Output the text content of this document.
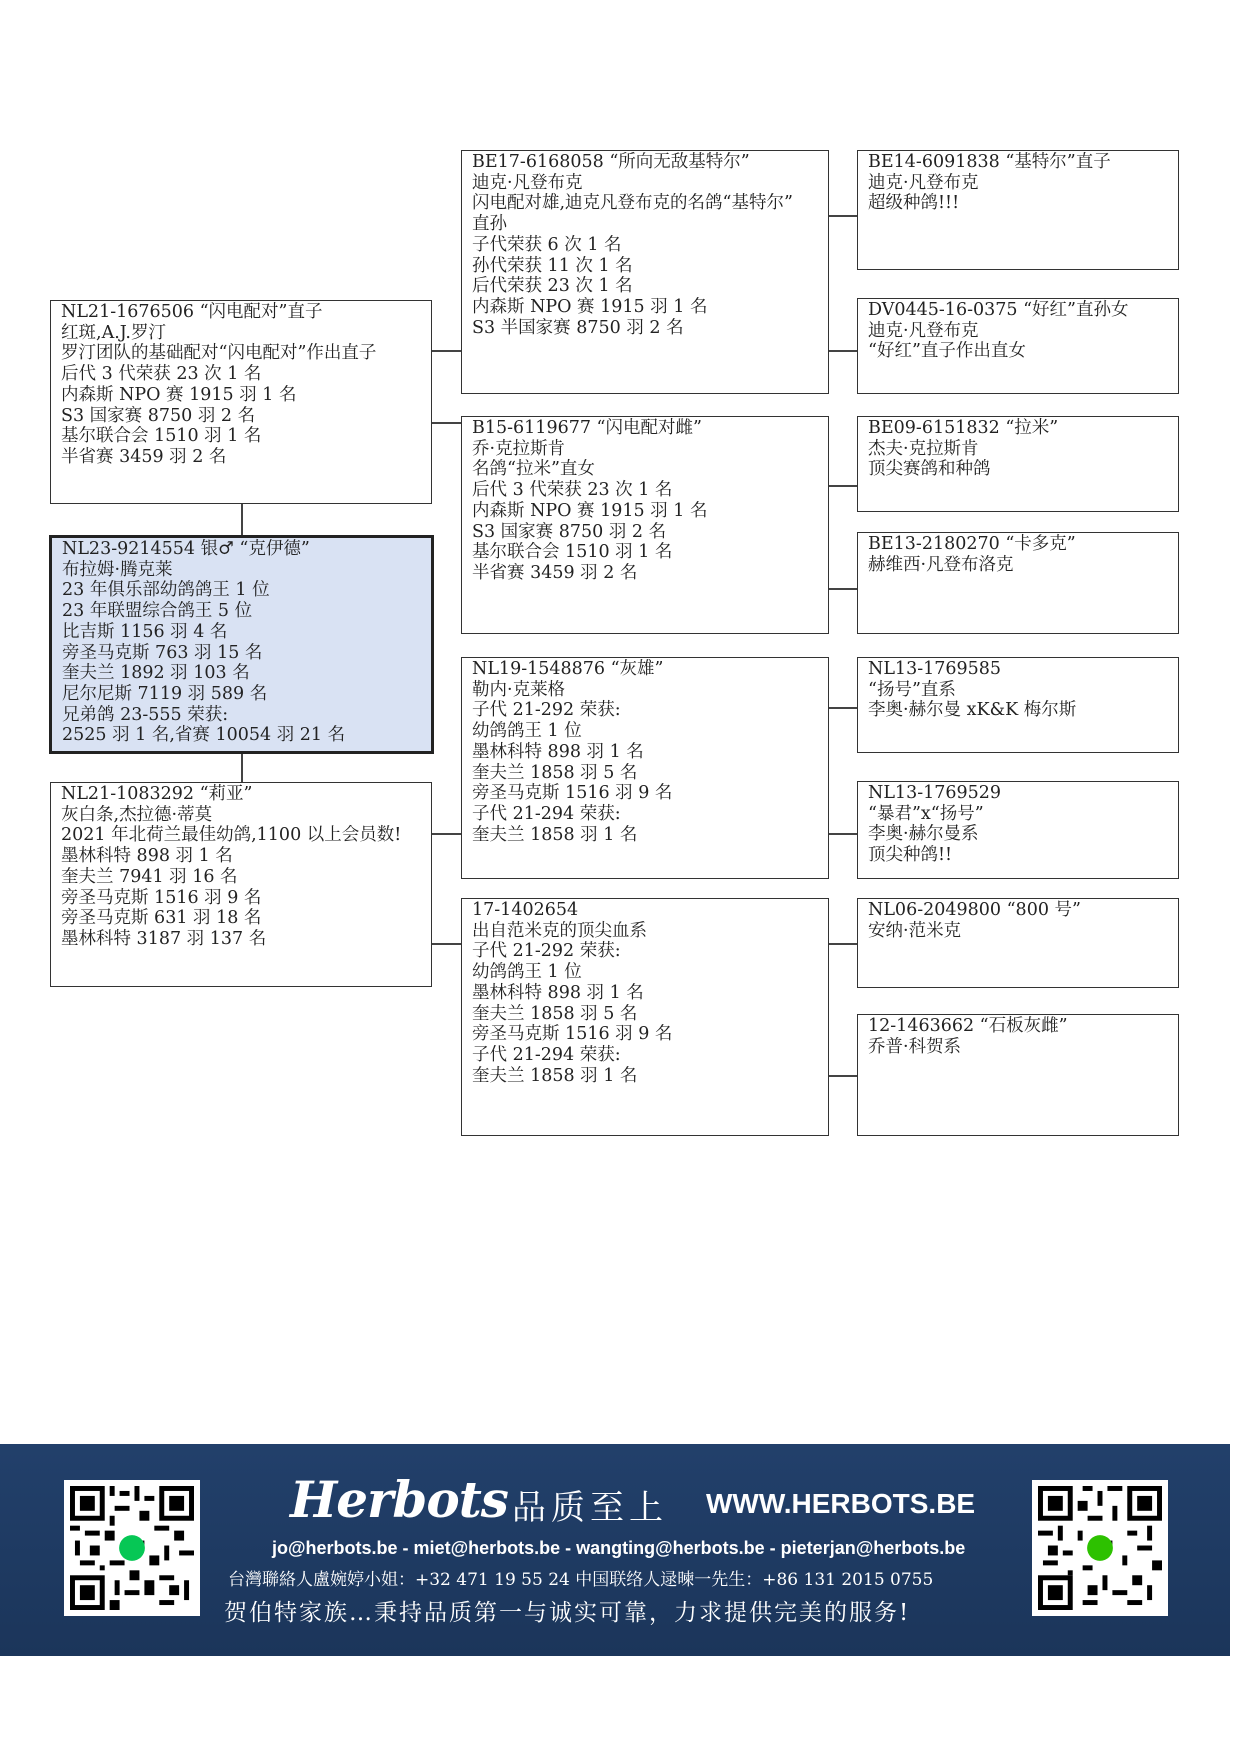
NL23-9214554 银♂ “克伊德”
布拉姆·腾克莱
23 年俱乐部幼鸽鸽王 1 位
23 年联盟综合鸽王 5 位
比吉斯 1156 羽 4 名
旁圣马克斯 763 羽 15 名
奎夫兰 1892 羽 103 名
尼尔尼斯 7119 羽 589 名
兄弟鸽 23-555 荣获:
2525 羽 1 名,省赛 10054 羽 21 名
NL21-1676506 “闪电配对”直子
红斑,A.J.罗汀
罗汀团队的基础配对“闪电配对”作出直子
后代 3 代荣获 23 次 1 名
内森斯 NPO 赛 1915 羽 1 名
S3 国家赛 8750 羽 2 名
基尔联合会 1510 羽 1 名
半省赛 3459 羽 2 名
NL21-1083292 “莉亚”
灰白条,杰拉德·蒂莫
2021 年北荷兰最佳幼鸽,1100 以上会员数!
墨林科特 898 羽 1 名
奎夫兰 7941 羽 16 名
旁圣马克斯 1516 羽 9 名
旁圣马克斯 631 羽 18 名
墨林科特 3187 羽 137 名
BE17-6168058 “所向无敌基特尔”
迪克·凡登布克
闪电配对雄,迪克凡登布克的名鸽“基特尔”
直孙
子代荣获 6 次 1 名
孙代荣获 11 次 1 名
后代荣获 23 次 1 名
内森斯 NPO 赛 1915 羽 1 名
S3 半国家赛 8750 羽 2 名
B15-6119677 “闪电配对雌”
乔·克拉斯肯
名鸽“拉米”直女
后代 3 代荣获 23 次 1 名
内森斯 NPO 赛 1915 羽 1 名
S3 国家赛 8750 羽 2 名
基尔联合会 1510 羽 1 名
半省赛 3459 羽 2 名
NL19-1548876 “灰雄”
勒内·克莱格
子代 21-292 荣获:
幼鸽鸽王 1 位
墨林科特 898 羽 1 名
奎夫兰 1858 羽 5 名
旁圣马克斯 1516 羽 9 名
子代 21-294 荣获:
奎夫兰 1858 羽 1 名
17-1402654
出自范米克的顶尖血系
子代 21-292 荣获:
幼鸽鸽王 1 位
墨林科特 898 羽 1 名
奎夫兰 1858 羽 5 名
旁圣马克斯 1516 羽 9 名
子代 21-294 荣获:
奎夫兰 1858 羽 1 名
BE14-6091838 “基特尔”直子
迪克·凡登布克
超级种鸽!!!
DV0445-16-0375 “好红”直孙女
迪克·凡登布克
“好红”直子作出直女
BE09-6151832 “拉米”
杰夫·克拉斯肯
顶尖赛鸽和种鸽
BE13-2180270 “卡多克”
赫维西·凡登布洛克
NL13-1769585
“扬号”直系
李奥·赫尔曼 xK&K 梅尔斯
NL13-1769529
“暴君”x“扬号”
李奥·赫尔曼系
顶尖种鸽!!
NL06-2049800 “800 号”
安纳·范米克
12-1463662 “石板灰雌”
乔普·科贺系
Herbots 品质至上 WWW.HERBOTS.BE
jo@herbots.be - miet@herbots.be - wangting@herbots.be - pieterjan@herbots.be
台灣聯絡人盧婉婷小姐：+32 471 19 55 24 中国联络人逯暕一先生：+86 131 2015 0755
贺伯特家族…秉持品质第一与诚实可靠，力求提供完美的服务!
